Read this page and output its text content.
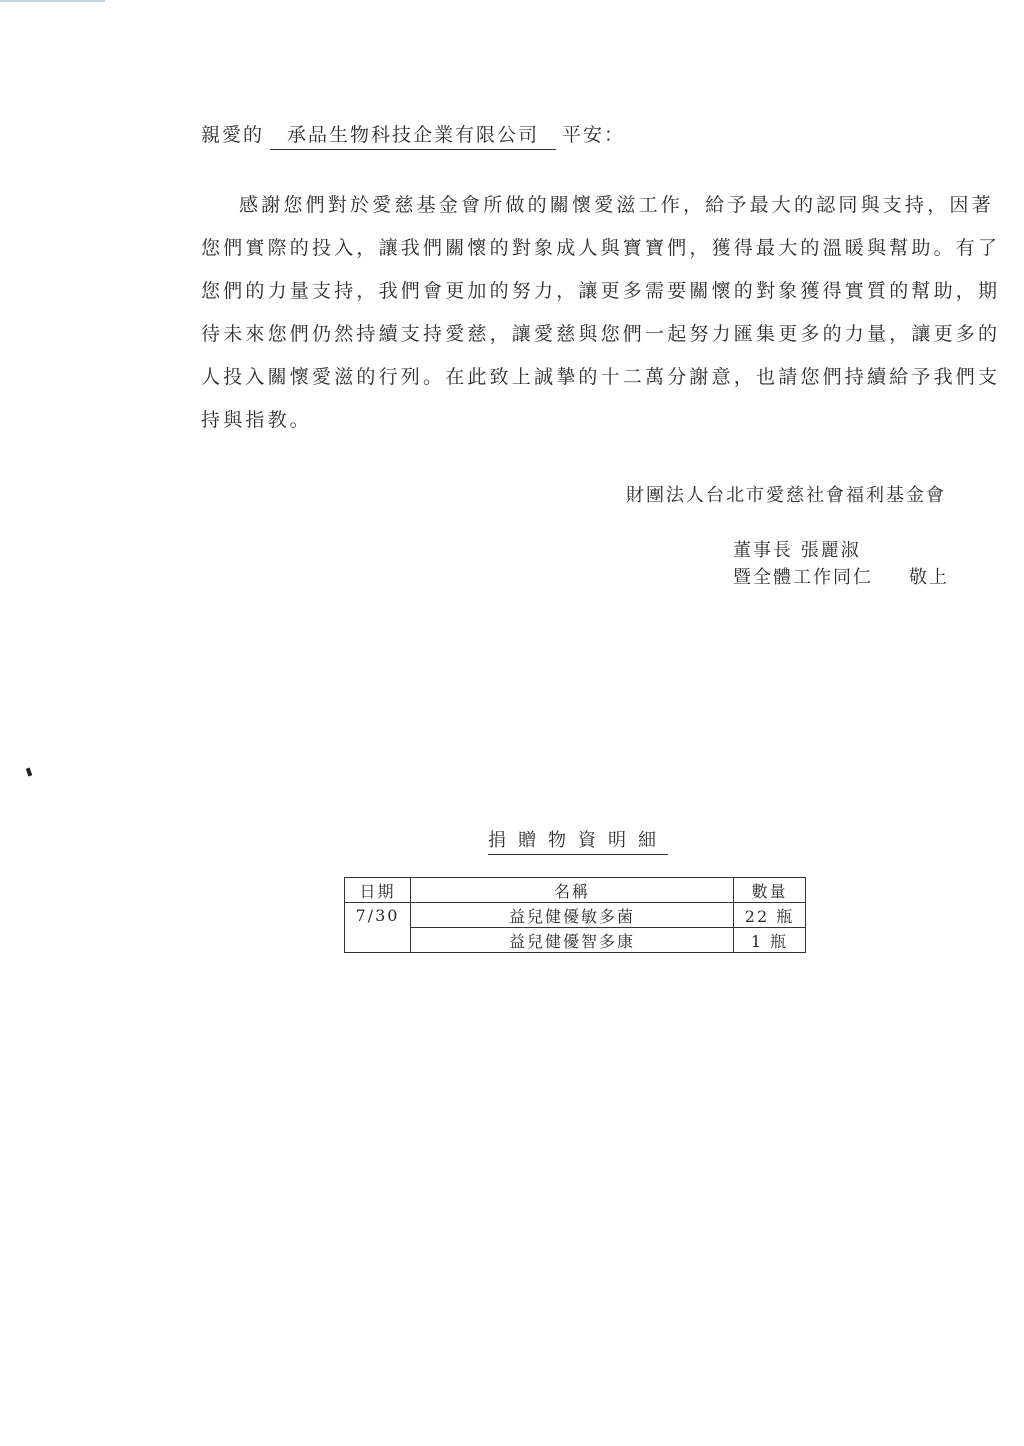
親愛的 承品生物科技企業有限公司 平安：
感謝您們對於愛慈基金會所做的關懷愛滋工作，給予最大的認同與支持，因著
您們實際的投入，讓我們關懷的對象成人與寶寶們，獲得最大的溫暖與幫助。有了
您們的力量支持，我們會更加的努力，讓更多需要關懷的對象獲得實質的幫助，期
待未來您們仍然持續支持愛慈，讓愛慈與您們一起努力匯集更多的力量，讓更多的
人投入關懷愛滋的行列。在此致上誠摯的十二萬分謝意，也請您們持續給予我們支
持與指教。
財團法人台北市愛慈社會福利基金會
董事長 張麗淑
暨全體工作同仁 敬上
捐贈物資明細
日期	名稱	數量
7/30	益兒健優敏多菌	22 瓶
	益兒健優智多康	1 瓶
